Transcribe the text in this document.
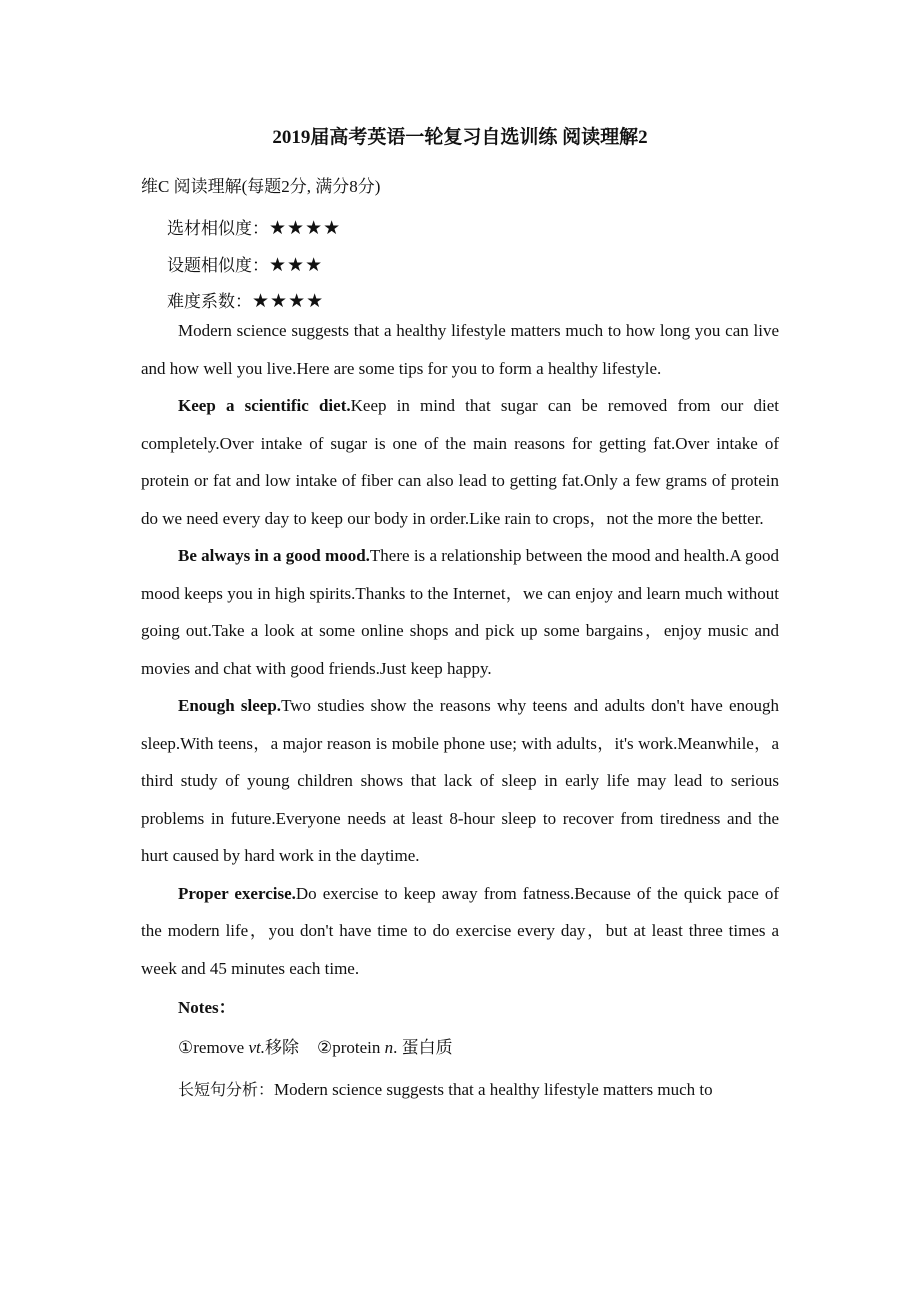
2019届高考英语一轮复习自选训练 阅读理解2
维C 阅读理解(每题2分, 满分8分)
选材相似度：★★★★
设题相似度：★★★
难度系数：★★★★

Modern science suggests that a healthy lifestyle matters much to how long you can live and how well you live.Here are some tips for you to form a healthy lifestyle.

Keep a scientific diet.Keep in mind that sugar can be removed from our diet completely.Over intake of sugar is one of the main reasons for getting fat.Over intake of protein or fat and low intake of fiber can also lead to getting fat.Only a few grams of protein do we need every day to keep our body in order.Like rain to crops，not the more the better.

Be always in a good mood.There is a relationship between the mood and health.A good mood keeps you in high spirits.Thanks to the Internet，we can enjoy and learn much without going out.Take a look at some online shops and pick up some bargains，enjoy music and movies and chat with good friends.Just keep happy.

Enough sleep.Two studies show the reasons why teens and adults don't have enough sleep.With teens，a major reason is mobile phone use; with adults，it's work.Meanwhile，a third study of young children shows that lack of sleep in early life may lead to serious problems in future.Everyone needs at least 8-hour sleep to recover from tiredness and the hurt caused by hard work in the daytime.

Proper exercise.Do exercise to keep away from fatness.Because of the quick pace of the modern life，you don't have time to do exercise every day，but at least three times a week and 45 minutes each time.

Notes：
①remove vt.移除 ②protein n. 蛋白质
长短句分析：Modern science suggests that a healthy lifestyle matters much to
